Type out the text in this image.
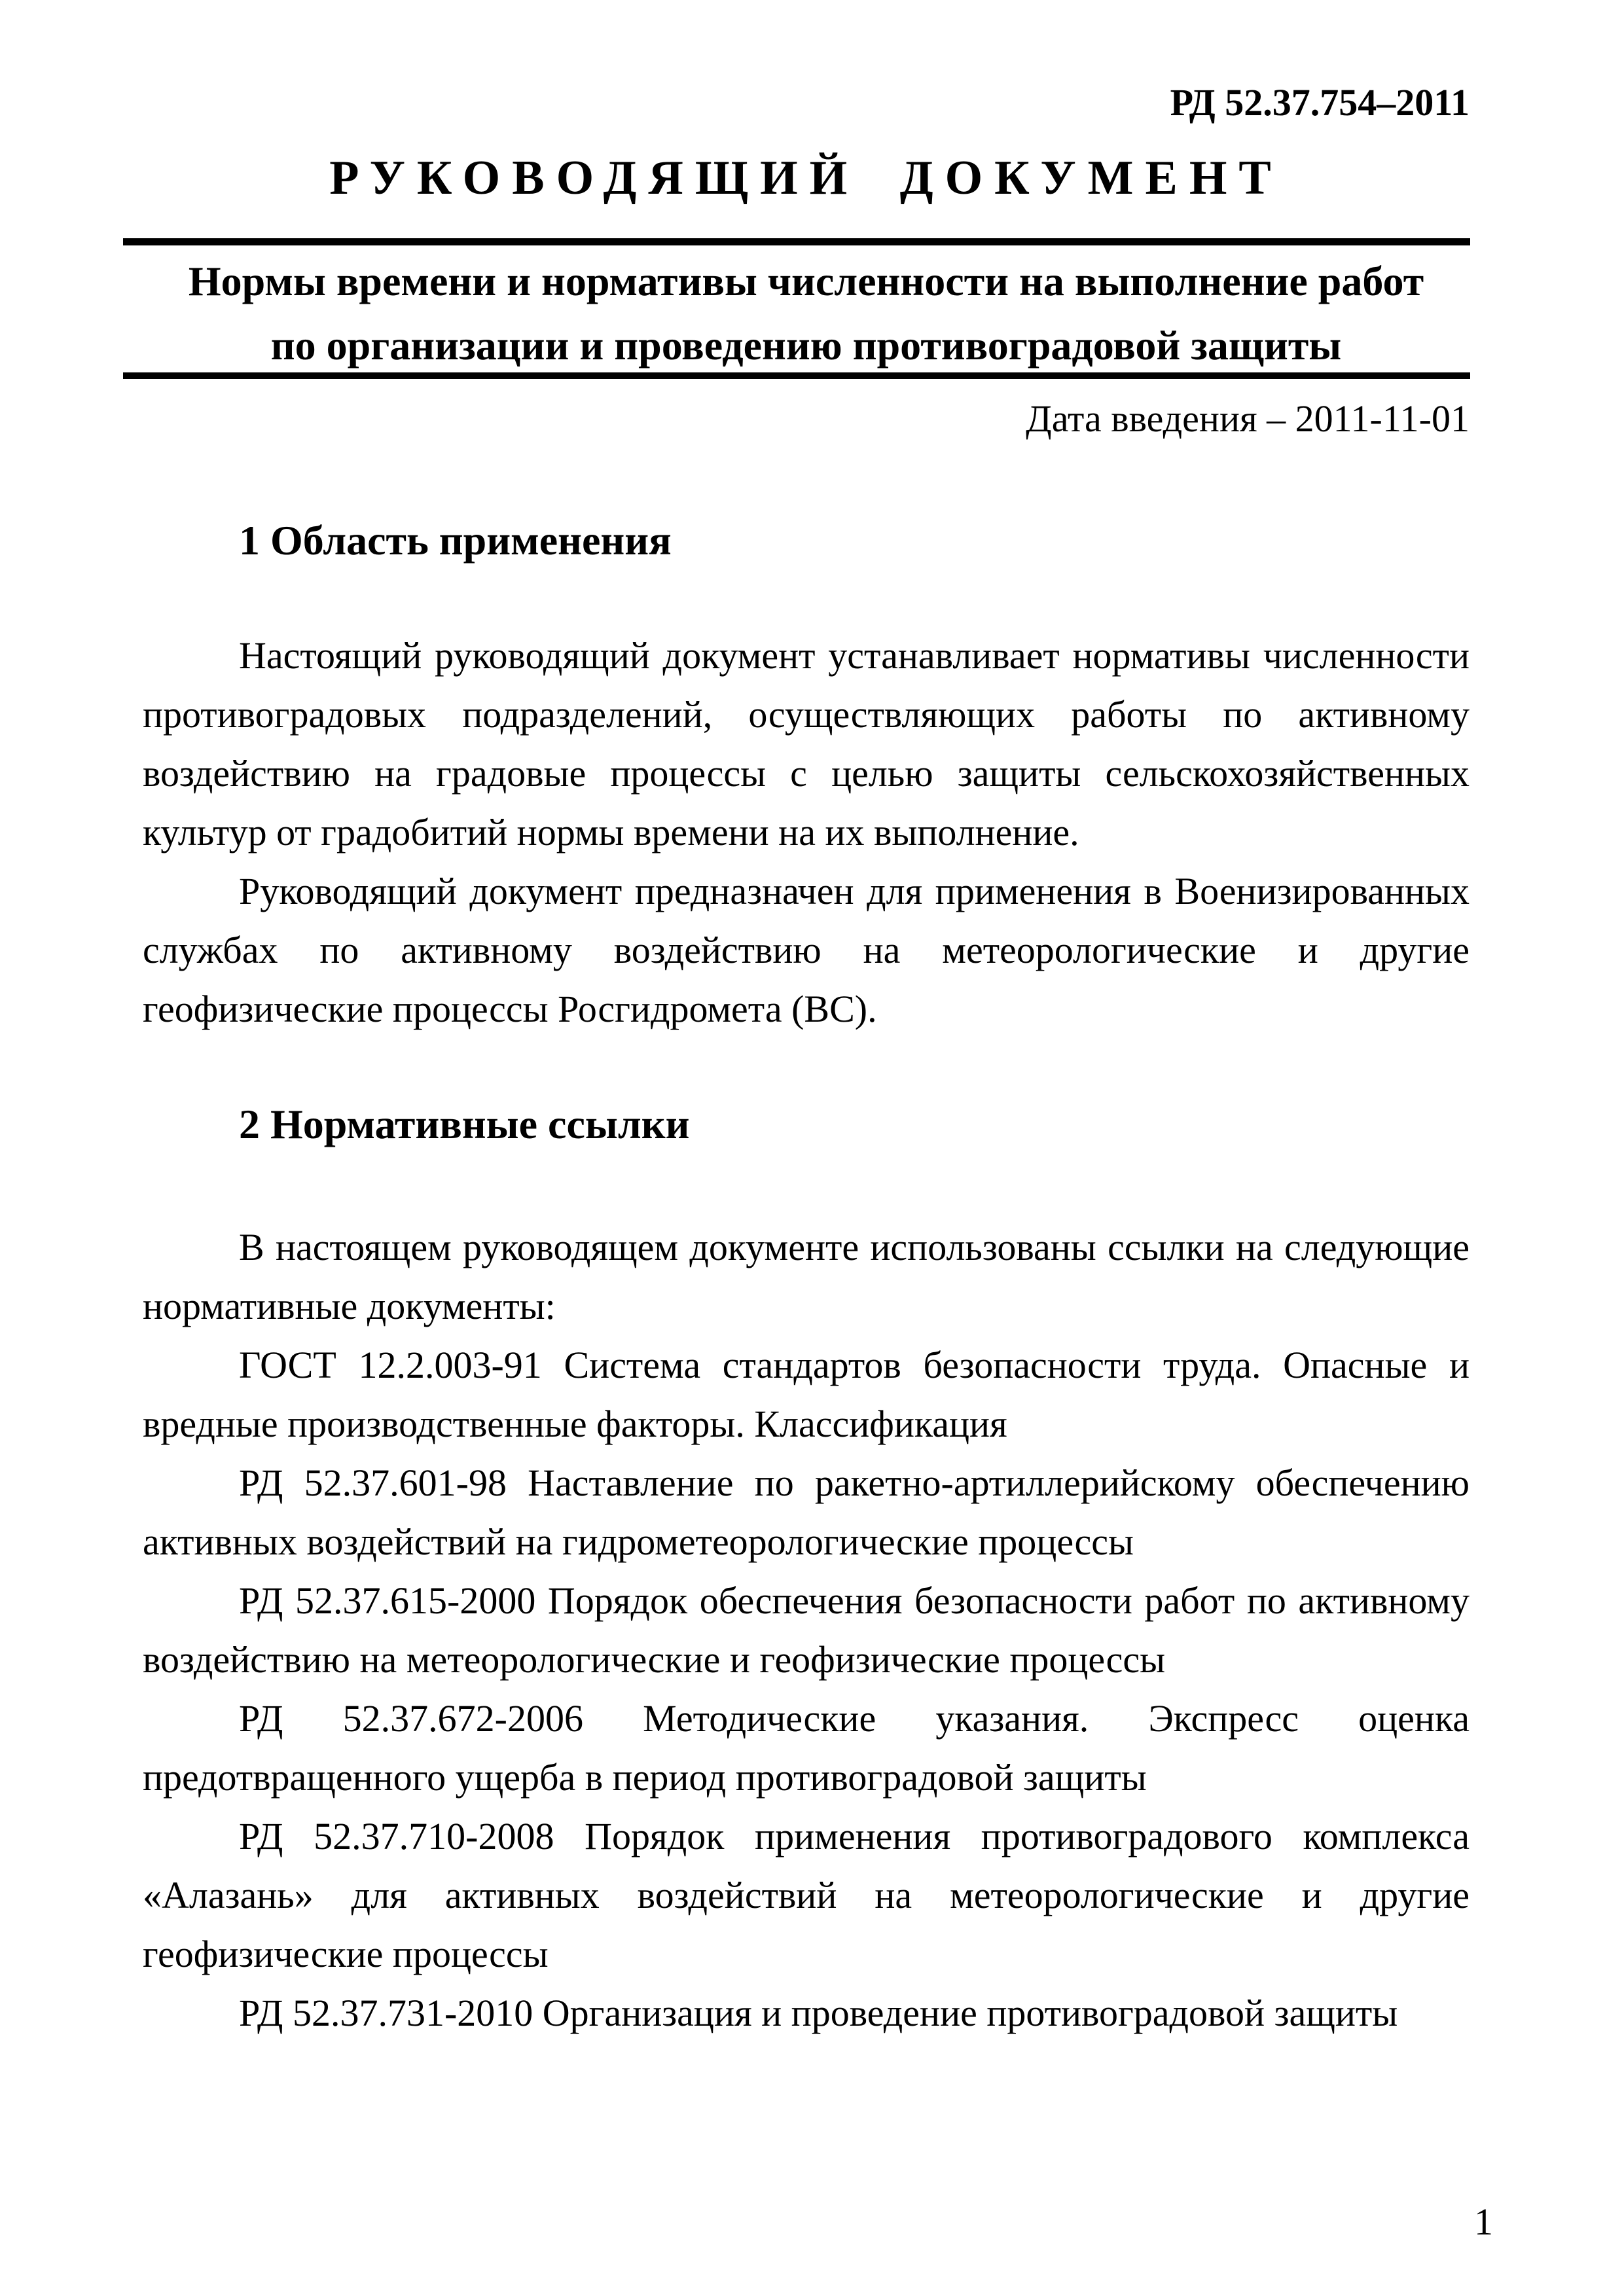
РД 52.37.754–2011
РУКОВОДЯЩИЙ ДОКУМЕНТ
Нормы времени и нормативы численности на выполнение работ
по организации и проведению противоградовой защиты
Дата введения – 2011-11-01
1 Область применения

Настоящий руководящий документ устанавливает нормативы численности противоградовых подразделений, осуществляющих работы по активному воздействию на градовые процессы с целью защиты сельскохозяйственных культур от градобитий нормы времени на их выполнение.

Руководящий документ предназначен для применения в Военизированных службах по активному воздействию на метеорологические и другие геофизические процессы Росгидромета (ВС).

2 Нормативные ссылки

В настоящем руководящем документе использованы ссылки на следующие нормативные документы:

ГОСТ 12.2.003-91 Система стандартов безопасности труда. Опасные и вредные производственные факторы. Классификация

РД 52.37.601-98 Наставление по ракетно-артиллерийскому обеспечению активных воздействий на гидрометеорологические процессы

РД 52.37.615-2000 Порядок обеспечения безопасности работ по активному воздействию на метеорологические и геофизические процессы

РД 52.37.672-2006 Методические указания. Экспресс оценка предотвращенного ущерба в период противоградовой защиты

РД 52.37.710-2008 Порядок применения противоградового комплекса «Алазань» для активных воздействий на метеорологические и другие геофизические процессы

РД 52.37.731-2010 Организация и проведение противоградовой защиты

1
